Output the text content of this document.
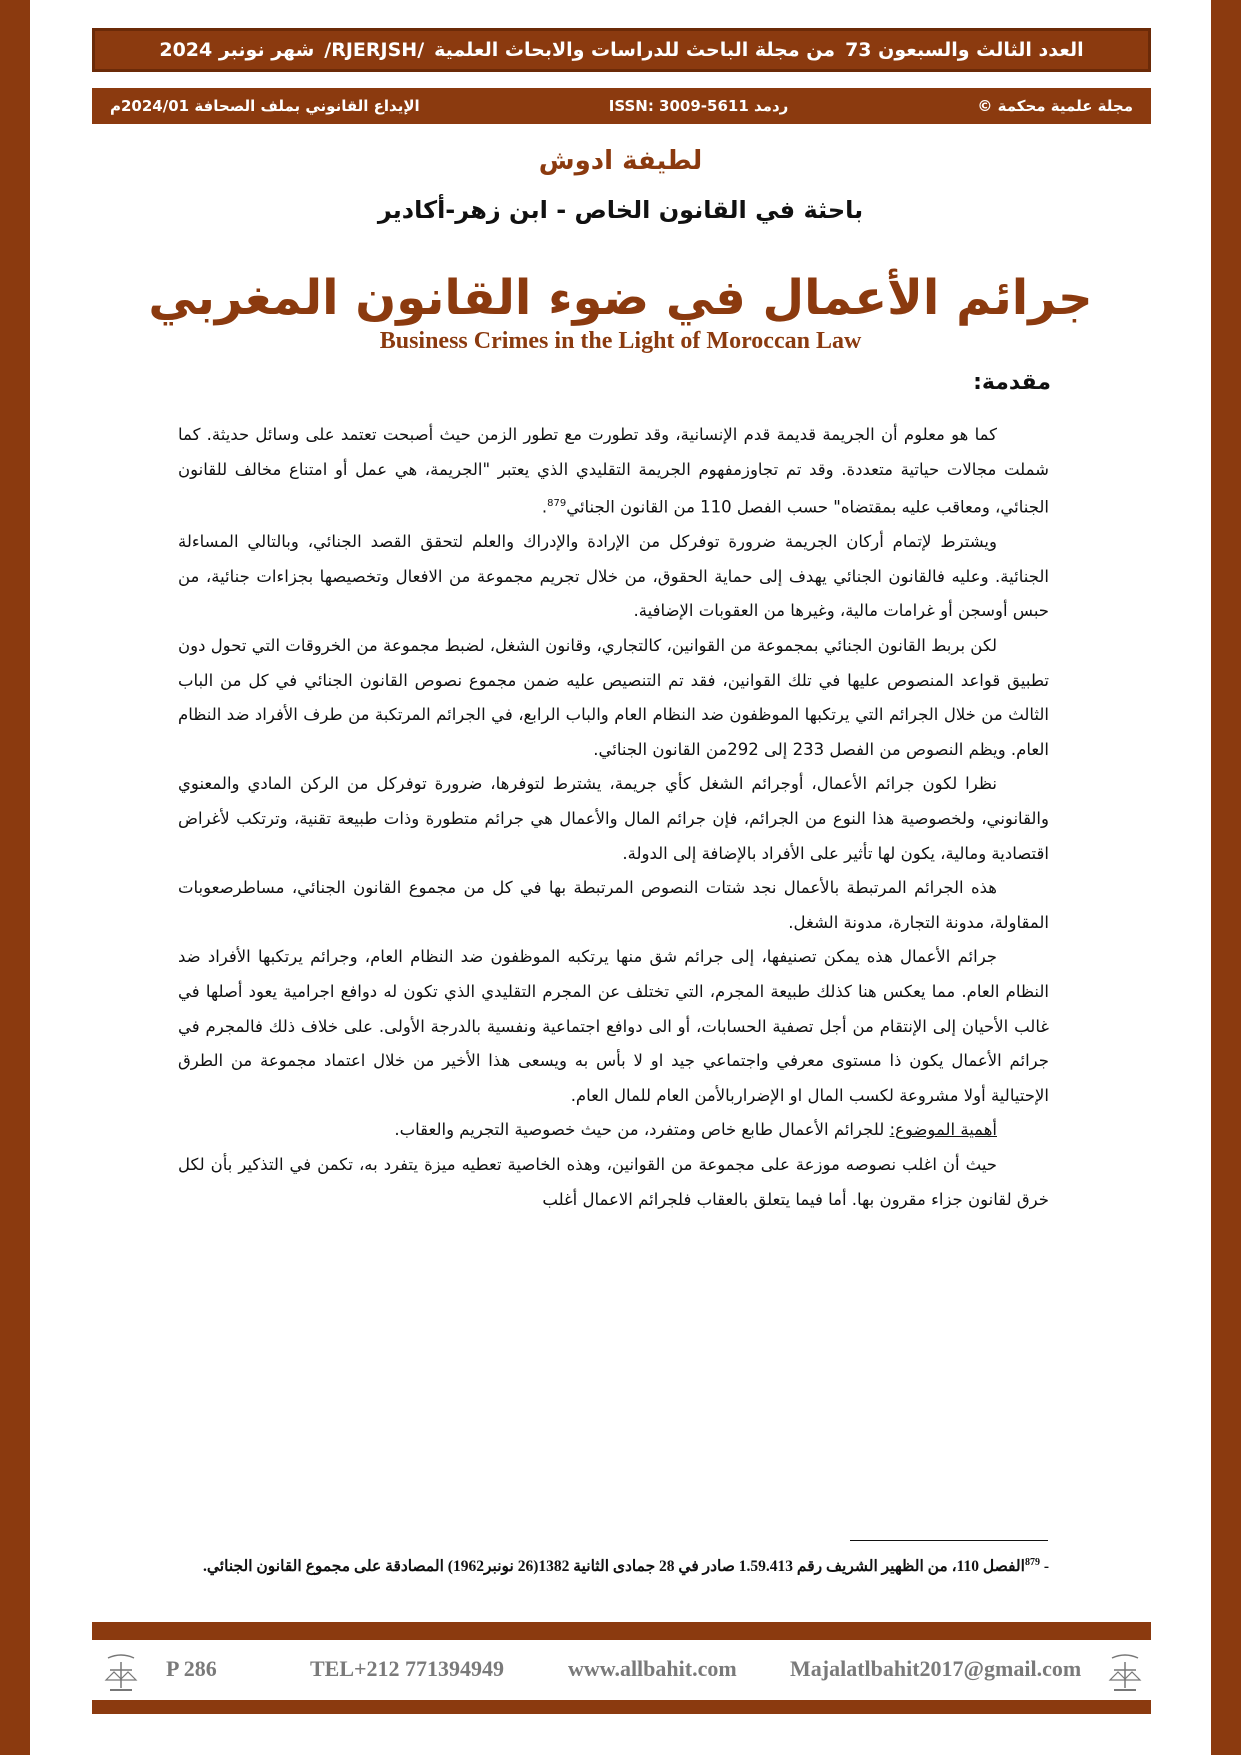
العدد الثالث والسبعون 73
من مجلة الباحث للدراسات والابحاث العلمية
/RJERJSH/
شهر نونبر 2024
مجلة علمية محكمة ©
ردمد ISSN: 3009-5611
الإيداع القانوني بملف الصحافة 2024/01م
لطيفة ادوش
باحثة في القانون الخاص - ابن زهر-أكادير
جرائم الأعمال في ضوء القانون المغربي
Business Crimes in the Light of Moroccan Law
مقدمة:

كما هو معلوم أن الجريمة قديمة قدم الإنسانية، وقد تطورت مع تطور الزمن حيث أصبحت تعتمد على وسائل حديثة. كما شملت مجالات حياتية متعددة. وقد تم تجاوزمفهوم الجريمة التقليدي الذي يعتبر "الجريمة، هي عمل أو امتناع مخالف للقانون الجنائي، ومعاقب عليه بمقتضاه" حسب الفصل 110 من القانون الجنائي$^{879}$.

ويشترط لإتمام أركان الجريمة ضرورة توفركل من الإرادة والإدراك والعلم لتحقق القصد الجنائي، وبالتالي المساءلة الجنائية. وعليه فالقانون الجنائي يهدف إلى حماية الحقوق، من خلال تجريم مجموعة من الافعال وتخصيصها بجزاءات جنائية، من حبس أوسجن أو غرامات مالية، وغيرها من العقوبات الإضافية.

لكن بربط القانون الجنائي بمجموعة من القوانين، كالتجاري، وقانون الشغل، لضبط مجموعة من الخروقات التي تحول دون تطبيق قواعد المنصوص عليها في تلك القوانين، فقد تم التنصيص عليه ضمن مجموع نصوص القانون الجنائي في كل من الباب الثالث من خلال الجرائم التي يرتكبها الموظفون ضد النظام العام والباب الرابع، في الجرائم المرتكبة من طرف الأفراد ضد النظام العام. ويظم النصوص من الفصل 233 إلى 292من القانون الجنائي.

نظرا لكون جرائم الأعمال، أوجرائم الشغل كأي جريمة، يشترط لتوفرها، ضرورة توفركل من الركن المادي والمعنوي والقانوني، ولخصوصية هذا النوع من الجرائم، فإن جرائم المال والأعمال هي جرائم متطورة وذات طبيعة تقنية، وترتكب لأغراض اقتصادية ومالية، يكون لها تأثير على الأفراد بالإضافة إلى الدولة.

هذه الجرائم المرتبطة بالأعمال نجد شتات النصوص المرتبطة بها في كل من مجموع القانون الجنائي، مساطرصعوبات المقاولة، مدونة التجارة، مدونة الشغل.

جرائم الأعمال هذه يمكن تصنيفها، إلى جرائم شق منها يرتكبه الموظفون ضد النظام العام، وجرائم يرتكبها الأفراد ضد النظام العام. مما يعكس هنا كذلك طبيعة المجرم، التي تختلف عن المجرم التقليدي الذي تكون له دوافع اجرامية يعود أصلها في غالب الأحيان إلى الإنتقام من أجل تصفية الحسابات، أو الى دوافع اجتماعية ونفسية بالدرجة الأولى. على خلاف ذلك فالمجرم في جرائم الأعمال يكون ذا مستوى معرفي واجتماعي جيد او لا بأس به ويسعى هذا الأخير من خلال اعتماد مجموعة من الطرق الإحتيالية أولا مشروعة لكسب المال او الإضراربالأمن العام للمال العام.

أهمية الموضوع: للجرائم الأعمال طابع خاص ومتفرد، من حيث خصوصية التجريم والعقاب.

حيث أن اغلب نصوصه موزعة على مجموعة من القوانين، وهذه الخاصية تعطيه ميزة يتفرد به، تكمن في التذكير بأن لكل خرق لقانون جزاء مقرون بها. أما فيما يتعلق بالعقاب فلجرائم الاعمال أغلب

- $^{879}$الفصل 110، من الظهير الشريف رقم 1.59.413 صادر في 28 جمادى الثانية 1382(26 نونبر1962) المصادقة على مجموع القانون الجنائي.
P 286	TEL+212 771394949	www.allbahit.com Majalatlbahit2017@gmail.com
